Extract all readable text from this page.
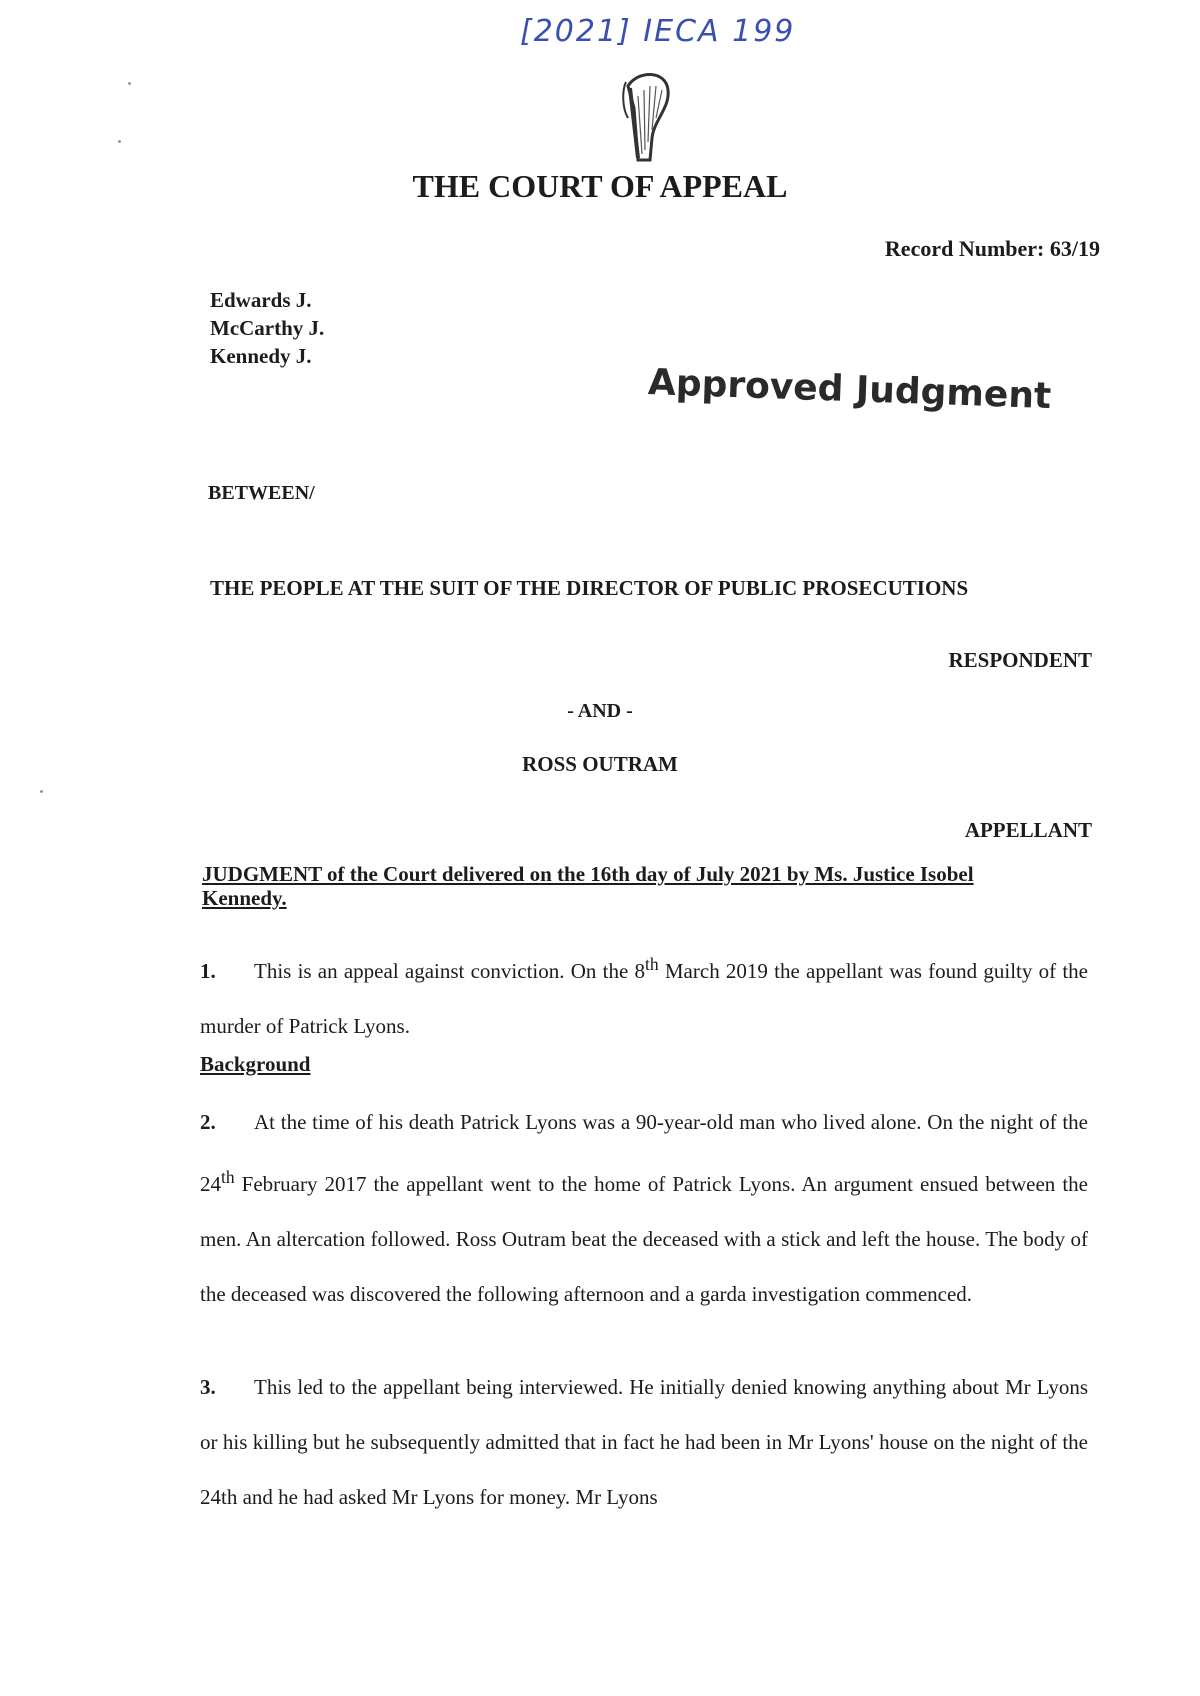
[2021] IECA 199
THE COURT OF APPEAL
Record Number: 63/19
Edwards J.
McCarthy J.
Kennedy J.
Approved Judgment
BETWEEN/
THE PEOPLE AT THE SUIT OF THE DIRECTOR OF PUBLIC PROSECUTIONS
RESPONDENT
- AND -
ROSS OUTRAM
APPELLANT
JUDGMENT of the Court delivered on the 16th day of July 2021 by Ms. Justice Isobel Kennedy.
1. This is an appeal against conviction. On the 8th March 2019 the appellant was found guilty of the murder of Patrick Lyons.
Background
2. At the time of his death Patrick Lyons was a 90-year-old man who lived alone. On the night of the 24th February 2017 the appellant went to the home of Patrick Lyons. An argument ensued between the men. An altercation followed. Ross Outram beat the deceased with a stick and left the house. The body of the deceased was discovered the following afternoon and a garda investigation commenced.
3. This led to the appellant being interviewed. He initially denied knowing anything about Mr Lyons or his killing but he subsequently admitted that in fact he had been in Mr Lyons' house on the night of the 24th and he had asked Mr Lyons for money. Mr Lyons
